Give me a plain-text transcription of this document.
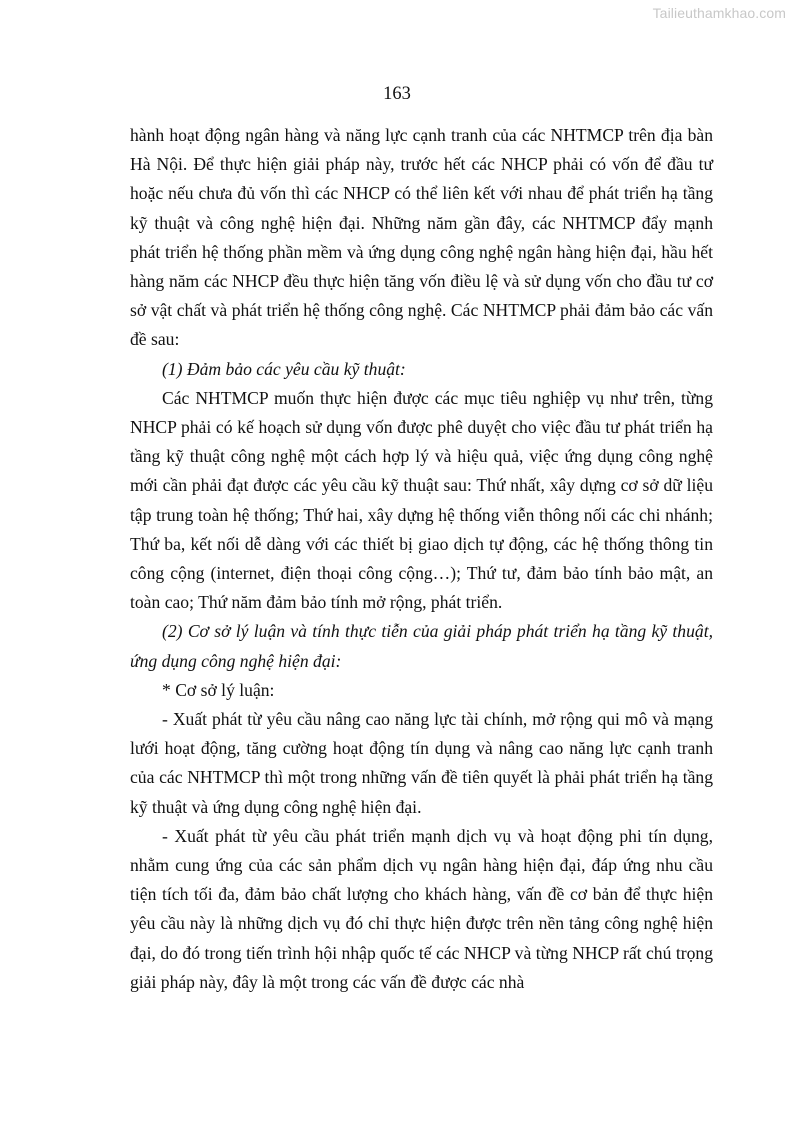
Tailieuthamkhao.com
163

hành hoạt động ngân hàng và năng lực cạnh tranh của các NHTMCP trên địa bàn Hà Nội. Để thực hiện giải pháp này, trước hết các NHCP phải có vốn để đầu tư hoặc nếu chưa đủ vốn thì các NHCP có thể liên kết với nhau để phát triển hạ tầng kỹ thuật và công nghệ hiện đại. Những năm gần đây, các NHTMCP đẩy mạnh phát triển hệ thống phần mềm và ứng dụng công nghệ ngân hàng hiện đại, hầu hết hàng năm các NHCP đều thực hiện tăng vốn điều lệ và sử dụng vốn cho đầu tư cơ sở vật chất và phát triển hệ thống công nghệ. Các NHTMCP phải đảm bảo các vấn đề sau:

(1) Đảm bảo các yêu cầu kỹ thuật:

Các NHTMCP muốn thực hiện được các mục tiêu nghiệp vụ như trên, từng NHCP phải có kế hoạch sử dụng vốn được phê duyệt cho việc đầu tư phát triển hạ tầng kỹ thuật công nghệ một cách hợp lý và hiệu quả, việc ứng dụng công nghệ mới cần phải đạt được các yêu cầu kỹ thuật sau: Thứ nhất, xây dựng cơ sở dữ liệu tập trung toàn hệ thống; Thứ hai, xây dựng hệ thống viễn thông nối các chi nhánh; Thứ ba, kết nối dễ dàng với các thiết bị giao dịch tự động, các hệ thống thông tin công cộng (internet, điện thoại công cộng…); Thứ tư, đảm bảo tính bảo mật, an toàn cao; Thứ năm đảm bảo tính mở rộng, phát triển.

(2) Cơ sở lý luận và tính thực tiễn của giải pháp phát triển hạ tầng kỹ thuật, ứng dụng công nghệ hiện đại:

* Cơ sở lý luận:

- Xuất phát từ yêu cầu nâng cao năng lực tài chính, mở rộng qui mô và mạng lưới hoạt động, tăng cường hoạt động tín dụng và nâng cao năng lực cạnh tranh của các NHTMCP thì một trong những vấn đề tiên quyết là phải phát triển hạ tầng kỹ thuật và ứng dụng công nghệ hiện đại.

- Xuất phát từ yêu cầu phát triển mạnh dịch vụ và hoạt động phi tín dụng, nhằm cung ứng của các sản phẩm dịch vụ ngân hàng hiện đại, đáp ứng nhu cầu tiện tích tối đa, đảm bảo chất lượng cho khách hàng, vấn đề cơ bản để thực hiện yêu cầu này là những dịch vụ đó chỉ thực hiện được trên nền tảng công nghệ hiện đại, do đó trong tiến trình hội nhập quốc tế các NHCP và từng NHCP rất chú trọng giải pháp này, đây là một trong các vấn đề được các nhà
